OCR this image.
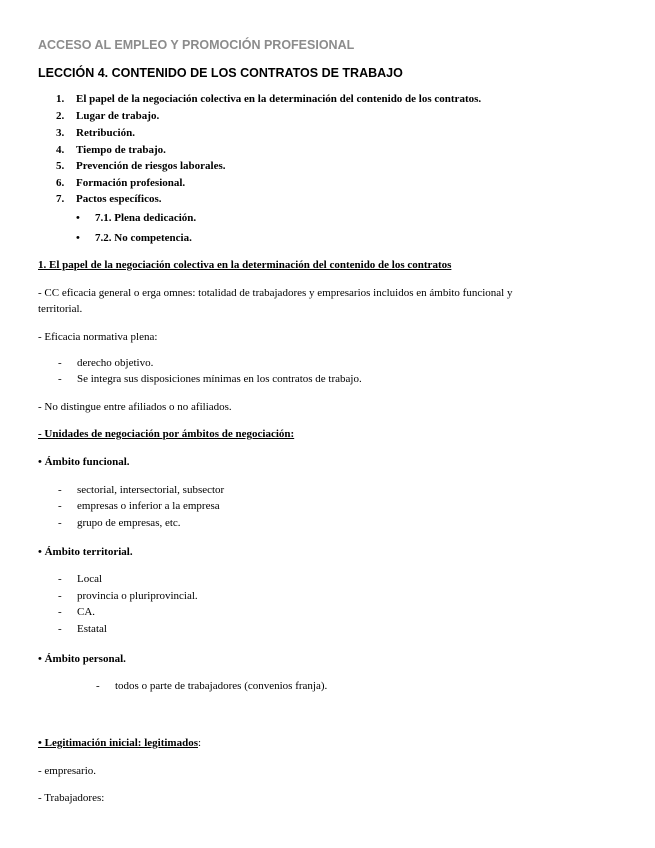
ACCESO AL EMPLEO Y PROMOCIÓN PROFESIONAL
LECCIÓN 4. CONTENIDO DE LOS CONTRATOS DE TRABAJO
1.	El papel de la negociación colectiva en la determinación del contenido de los contratos.
2.	Lugar de trabajo.
3.	Retribución.
4.	Tiempo de trabajo.
5.	Prevención de riesgos laborales.
6.	Formación profesional.
7.	Pactos específicos.
• 7.1. Plena dedicación.
• 7.2. No competencia.
1. El papel de la negociación colectiva en la determinación del contenido de los contratos
- CC eficacia general o erga omnes: totalidad de trabajadores y empresarios incluidos en ámbito funcional y
territorial.
- Eficacia normativa plena:
- derecho objetivo.
- Se integra sus disposiciones mínimas en los contratos de trabajo.
- No distingue entre afiliados o no afiliados.
- Unidades de negociación por ámbitos de negociación:
• Ámbito funcional.
- sectorial, intersectorial, subsector
- empresas o inferior a la empresa
- grupo de empresas, etc.
• Ámbito territorial.
- Local
- provincia o pluriprovincial.
- CA.
- Estatal
• Ámbito personal.
- todos o parte de trabajadores (convenios franja).
• Legitimación inicial: legitimados:
- empresario.
- Trabajadores:
